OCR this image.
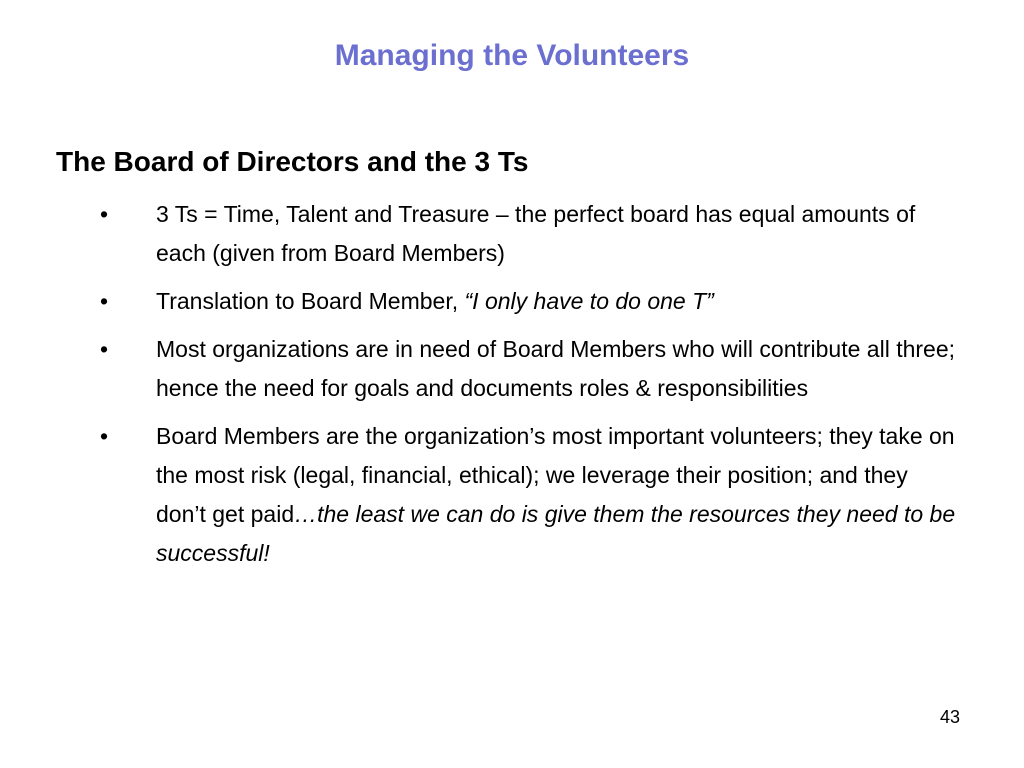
Managing the Volunteers
The Board of Directors and the 3 Ts
• 3 Ts = Time, Talent and Treasure – the perfect board has equal amounts of each (given from Board Members)
• Translation to Board Member, “I only have to do one T”
• Most organizations are in need of Board Members who will contribute all three; hence the need for goals and documents roles & responsibilities
• Board Members are the organization’s most important volunteers; they take on the most risk (legal, financial, ethical); we leverage their position; and they don’t get paid…the least we can do is give them the resources they need to be successful!
43
